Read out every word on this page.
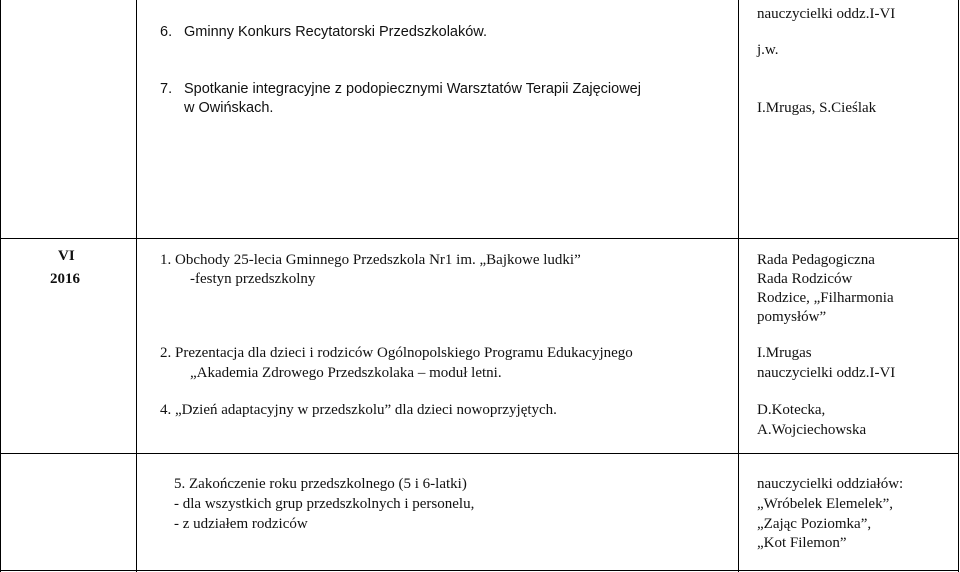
6. Gminny Konkurs Recytatorski Przedszkolaków.
7. Spotkanie integracyjne z podopiecznymi Warsztatów Terapii Zajęciowej
w Owińskach.
nauczycielki oddz.I-VI
j.w.
I.Mrugas, S.Cieślak
VI
2016
1. Obchody 25-lecia Gminnego Przedszkola Nr1 im. „Bajkowe ludki”
-festyn przedszkolny
2. Prezentacja dla dzieci i rodziców Ogólnopolskiego Programu Edukacyjnego
„Akademia Zdrowego Przedszkolaka – moduł letni.
4. „Dzień adaptacyjny w przedszkolu” dla dzieci nowoprzyjętych.
Rada Pedagogiczna
Rada Rodziców
Rodzice, „Filharmonia
pomysłów”
I.Mrugas
nauczycielki oddz.I-VI
D.Kotecka,
A.Wojciechowska
5. Zakończenie roku przedszkolnego (5 i 6-latki)
- dla wszystkich grup przedszkolnych i personelu,
- z udziałem rodziców
nauczycielki oddziałów:
„Wróbelek Elemelek”,
„Zając Poziomka”,
„Kot Filemon”
